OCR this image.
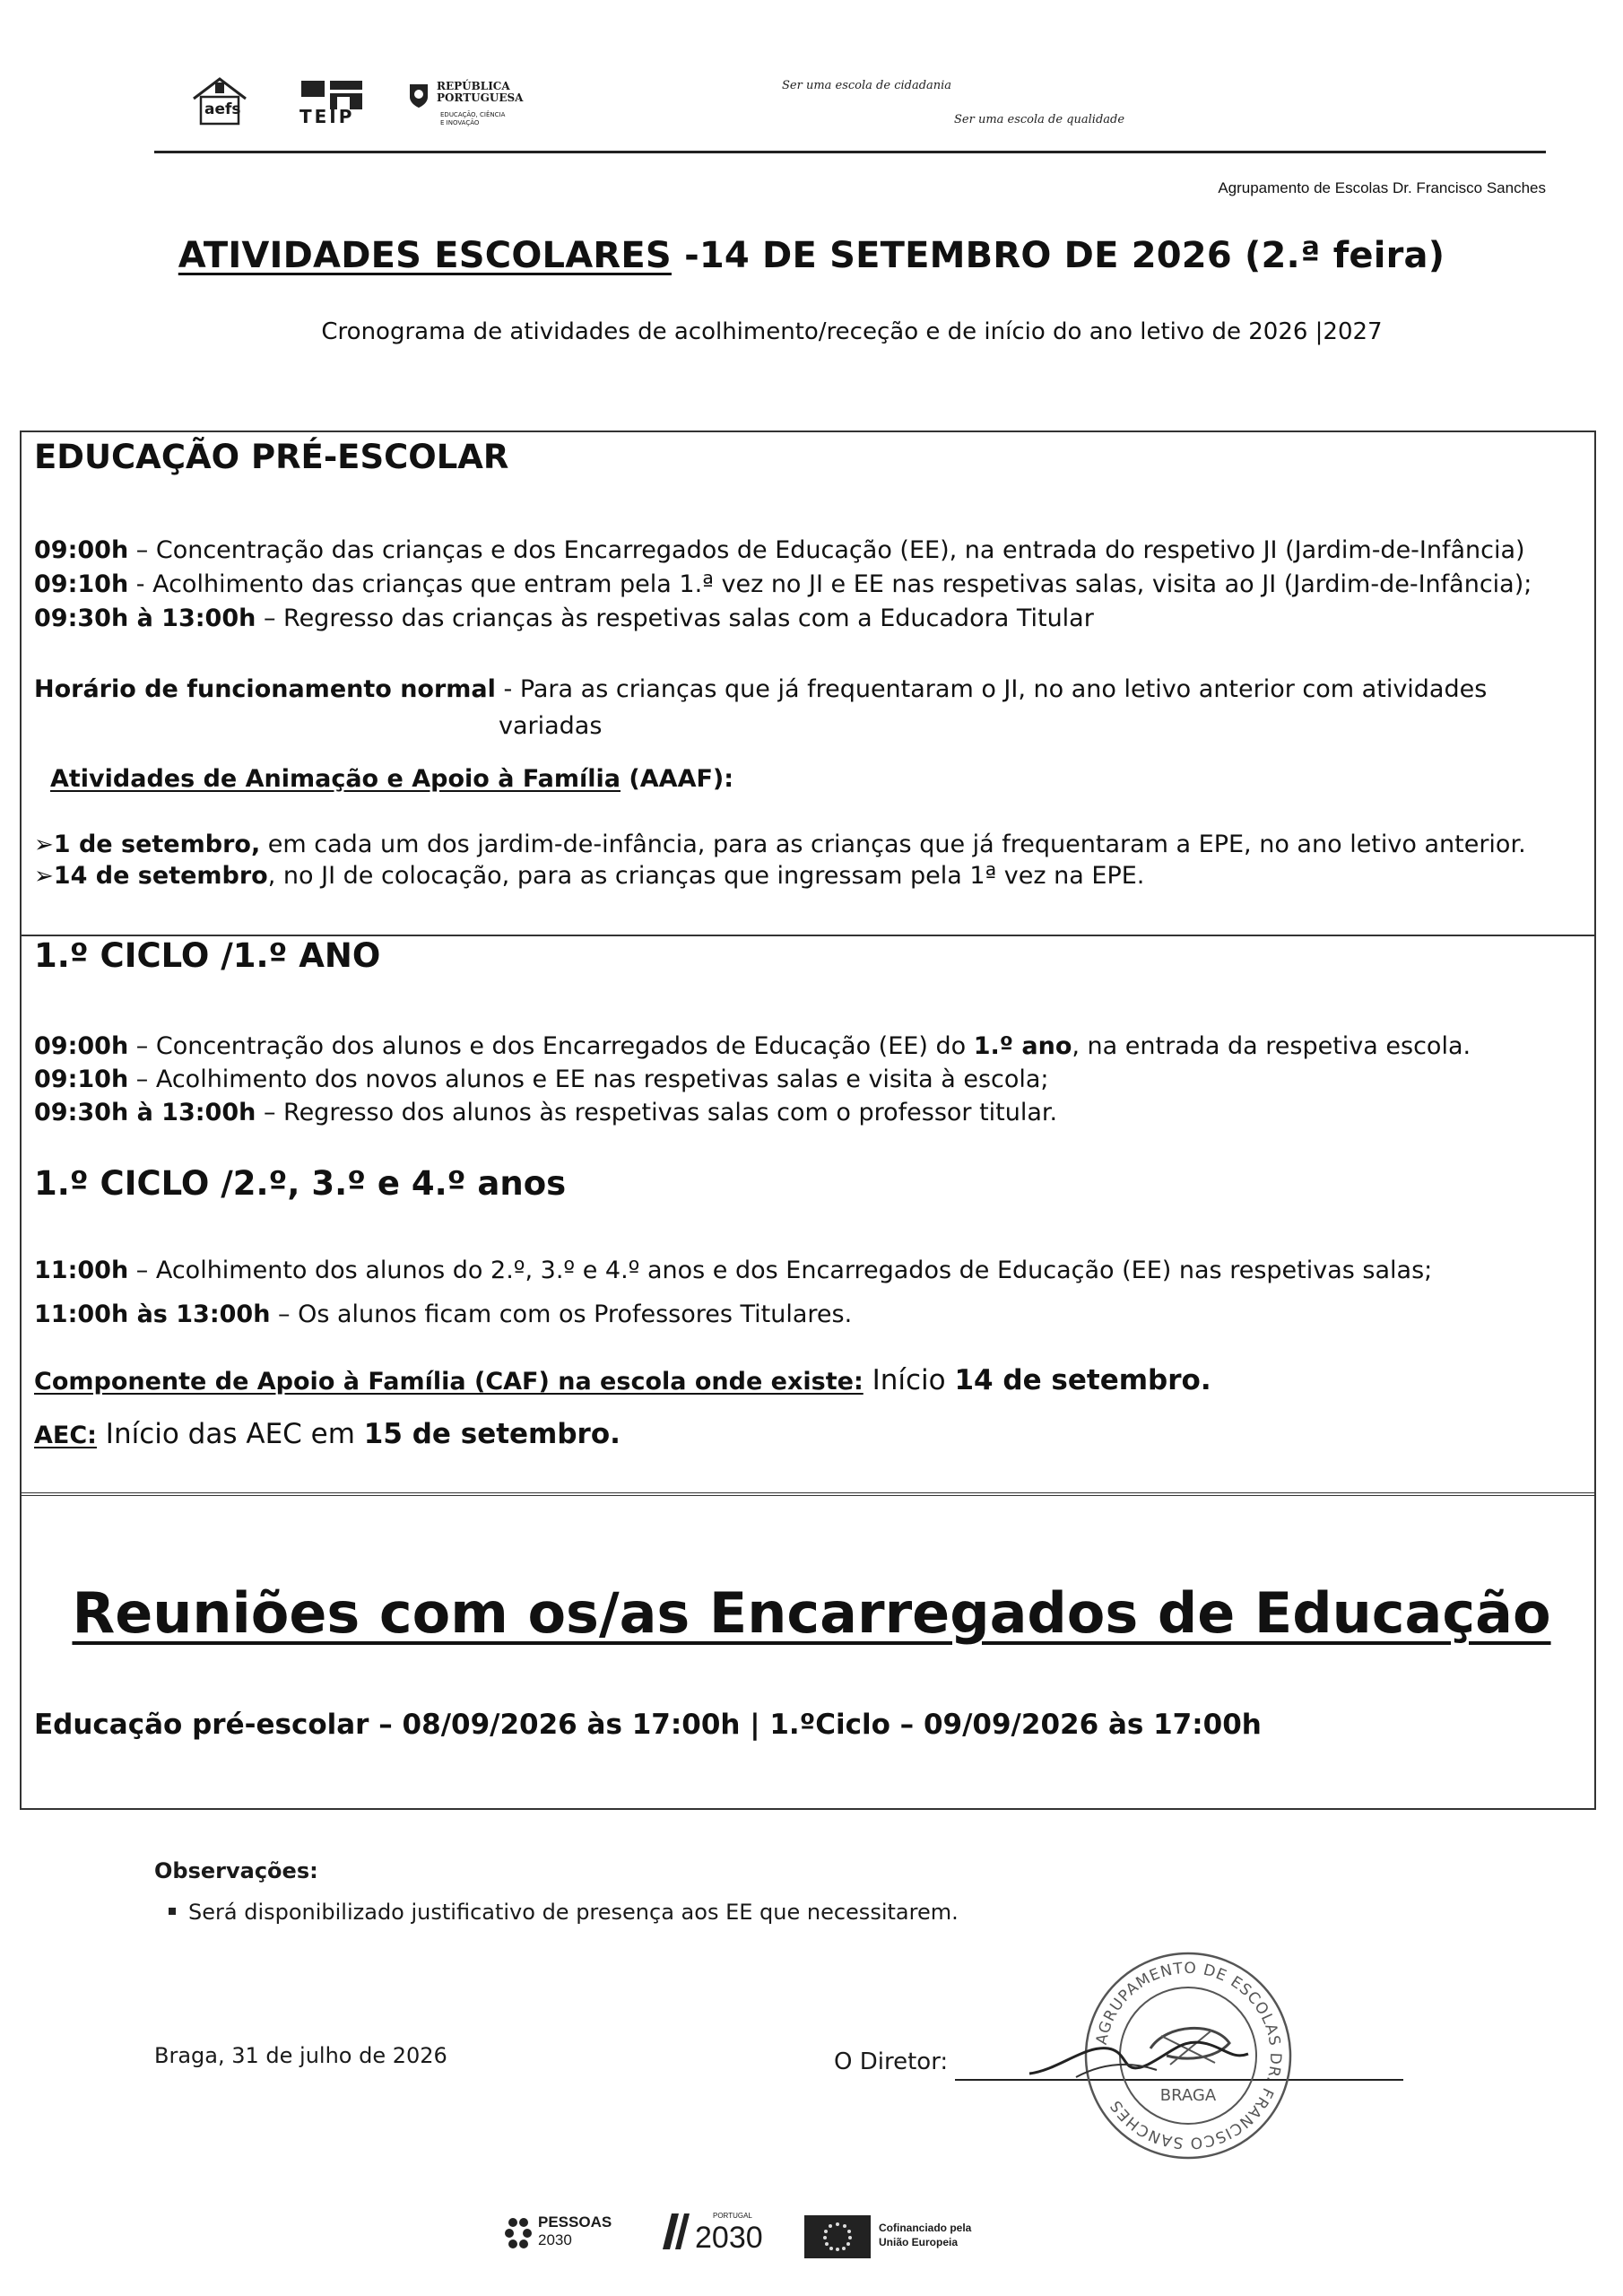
aefs	TEIP
REPÚBLICA
PORTUGUESA
EDUCAÇÃO, CIÊNCIA
E INOVAÇÃO
Ser uma escola de cidadania
Ser uma escola de qualidade
Agrupamento de Escolas Dr. Francisco Sanches
ATIVIDADES ESCOLARES -14 DE SETEMBRO DE 2026 (2.ª feira)
Cronograma de atividades de acolhimento/receção e de início do ano letivo de 2026 |2027
EDUCAÇÃO PRÉ-ESCOLAR
09:00h – Concentração das crianças e dos Encarregados de Educação (EE), na entrada do respetivo JI (Jardim-de-Infância)
09:10h - Acolhimento das crianças que entram pela 1.ª vez no JI e EE nas respetivas salas, visita ao JI (Jardim-de-Infância);
09:30h à 13:00h – Regresso das crianças às respetivas salas com a Educadora Titular
Horário de funcionamento normal - Para as crianças que já frequentaram o JI, no ano letivo anterior com atividades
variadas
Atividades de Animação e Apoio à Família (AAAF):
➢1 de setembro, em cada um dos jardim-de-infância, para as crianças que já frequentaram a EPE, no ano letivo anterior.
➢14 de setembro, no JI de colocação, para as crianças que ingressam pela 1ª vez na EPE.
1.º CICLO /1.º ANO
09:00h – Concentração dos alunos e dos Encarregados de Educação (EE) do 1.º ano, na entrada da respetiva escola.
09:10h – Acolhimento dos novos alunos e EE nas respetivas salas e visita à escola;
09:30h à 13:00h – Regresso dos alunos às respetivas salas com o professor titular.
1.º CICLO /2.º, 3.º e 4.º anos
11:00h – Acolhimento dos alunos do 2.º, 3.º e 4.º anos e dos Encarregados de Educação (EE) nas respetivas salas;
11:00h às 13:00h – Os alunos ficam com os Professores Titulares.
Componente de Apoio à Família (CAF) na escola onde existe: Início 14 de setembro.
AEC: Início das AEC em 15 de setembro.
Reuniões com os/as Encarregados de Educação
Educação pré-escolar – 08/09/2026 às 17:00h | 1.ºCiclo – 09/09/2026 às 17:00h
Observações:
Será disponibilizado justificativo de presença aos EE que necessitarem.
Braga, 31 de julho de 2026	O Diretor:
AGRUPAMENTO DE ESCOLAS DR. FRANCISCO SANCHES
BRAGA
PESSOAS
2030
PORTUGAL
2030	Cofinanciado pela
União Europeia
